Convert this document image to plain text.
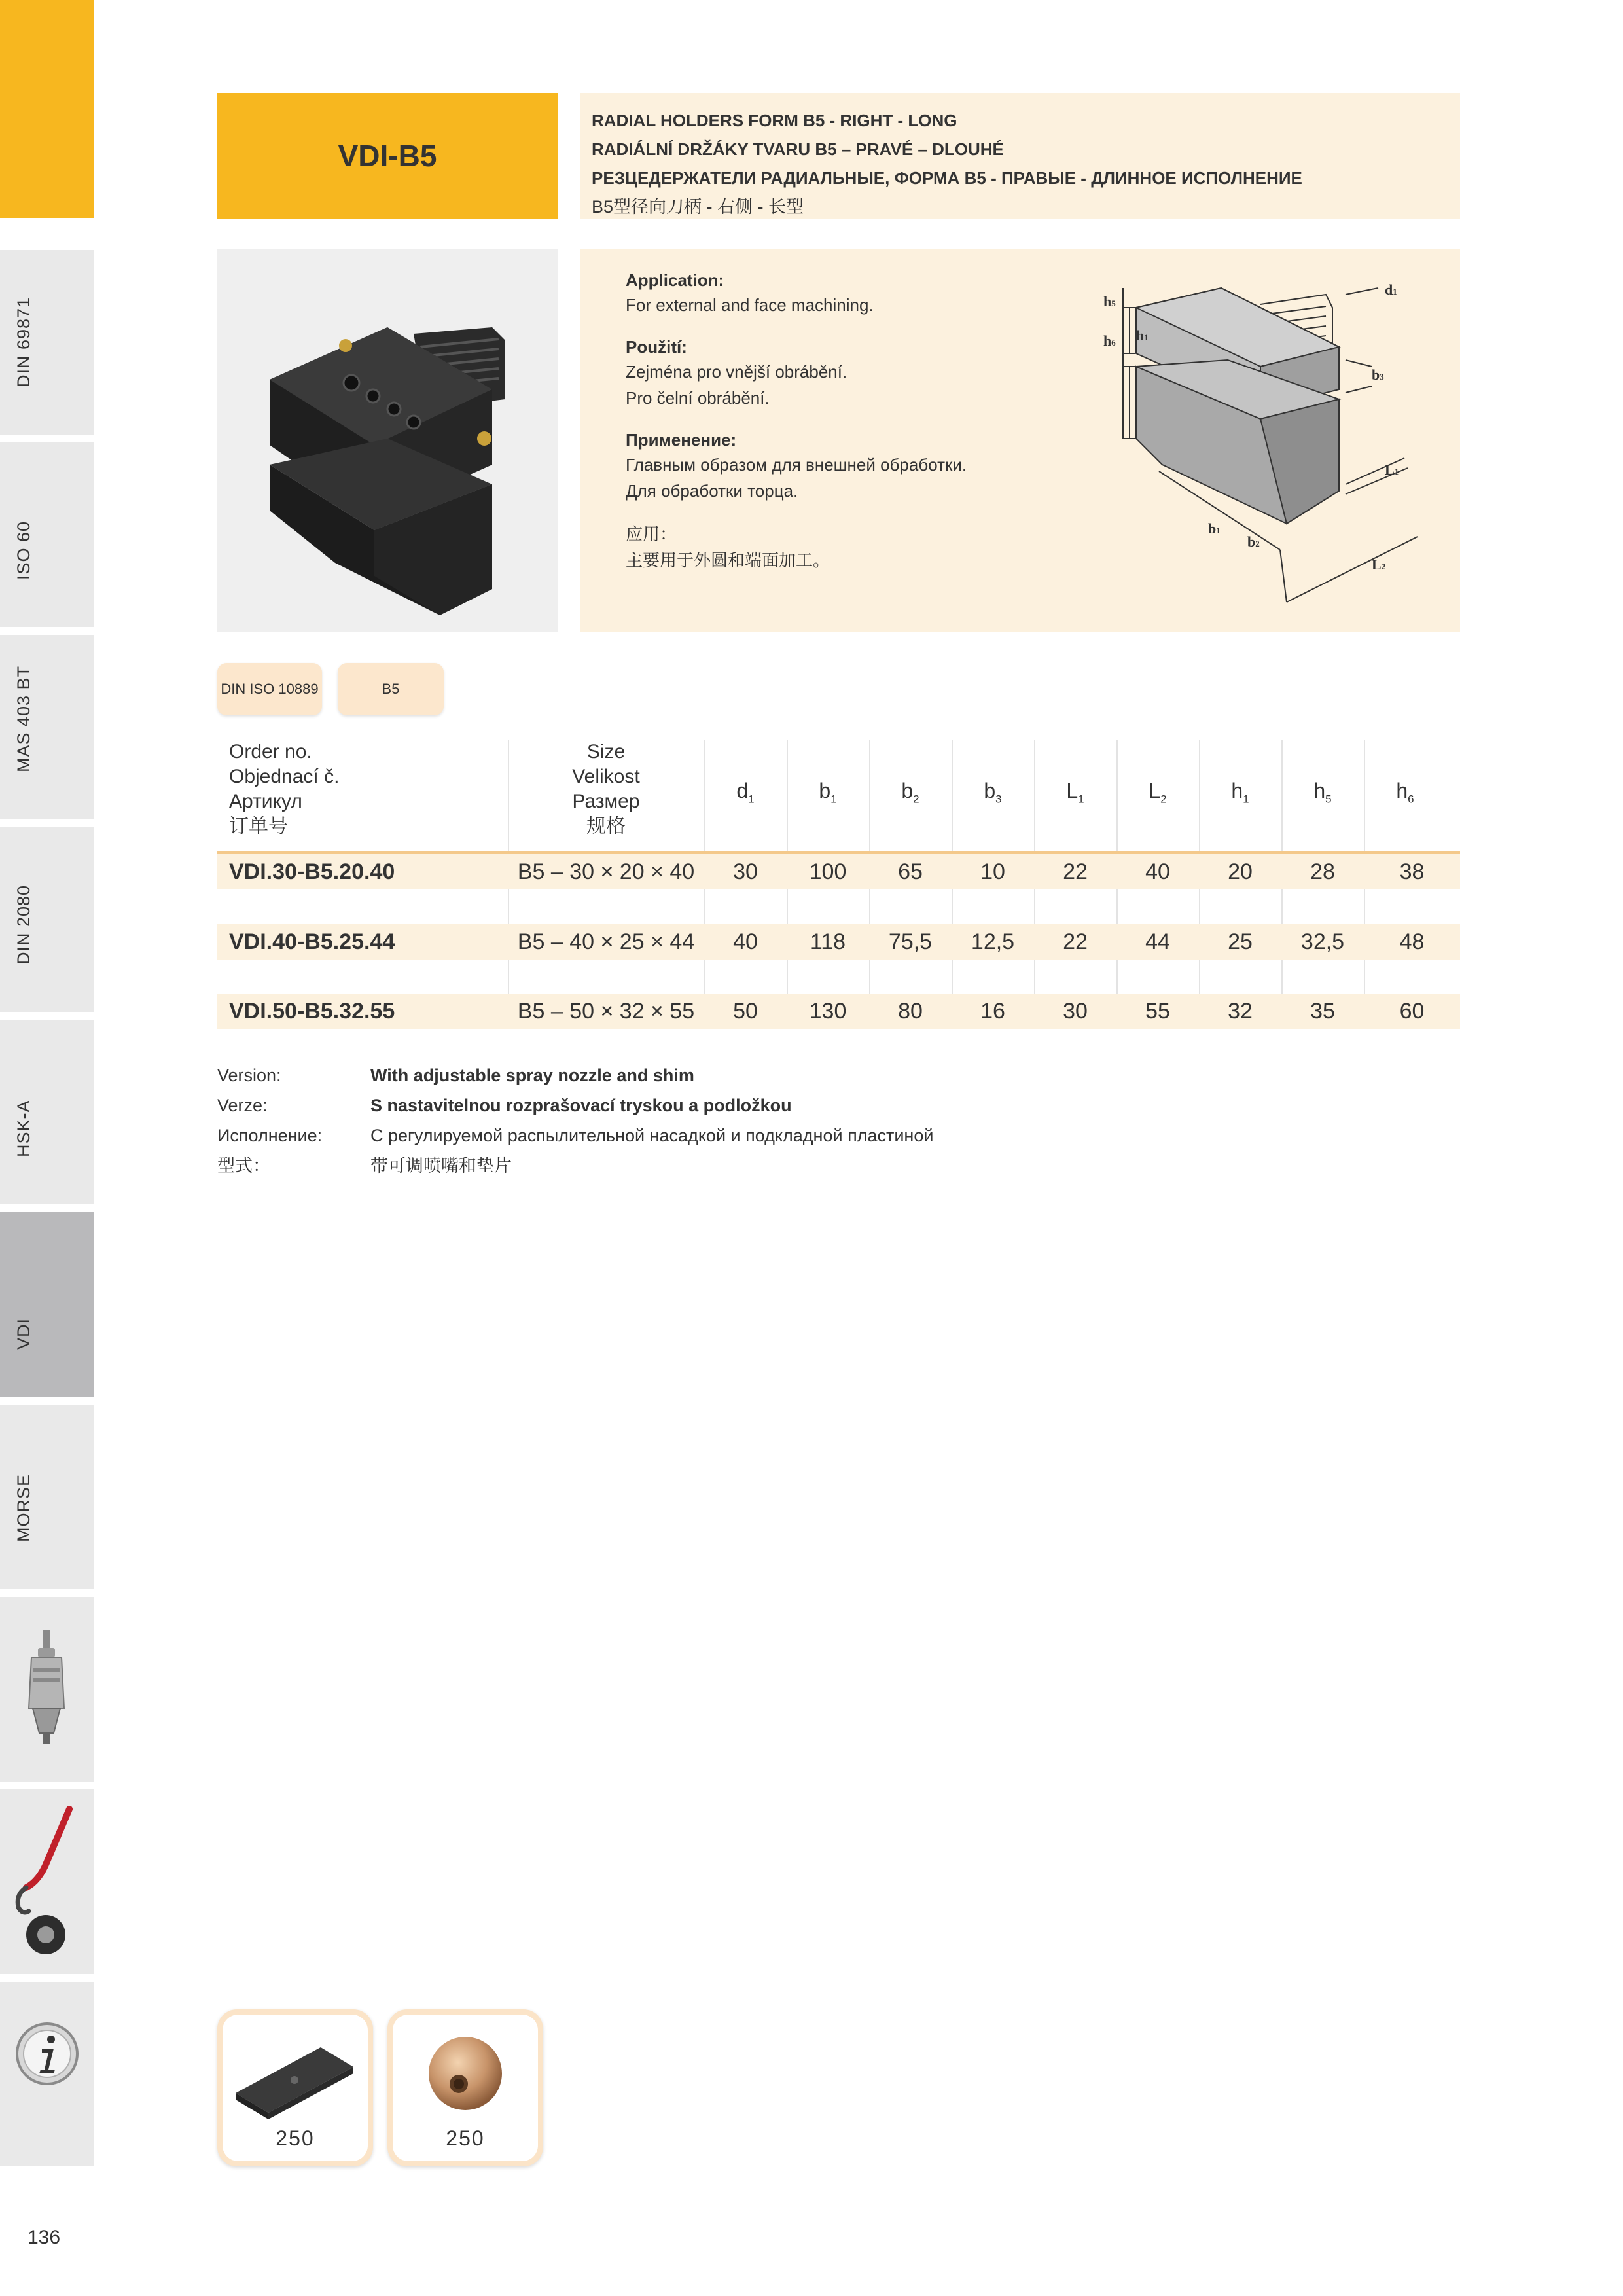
DIN 69871
ISO 60
MAS 403 BT
DIN 2080
HSK-A
VDI
MORSE
136
VDI-B5
RADIAL HOLDERS FORM B5 - RIGHT - LONG
RADIÁLNÍ DRŽÁKY TVARU B5 – PRAVÉ – DLOUHÉ
РЕЗЦЕДЕРЖАТЕЛИ РАДИАЛЬНЫЕ, ФОРМА B5 - ПРАВЫЕ - ДЛИННОЕ ИСПОЛНЕНИЕ
B5型径向刀柄 - 右侧 - 长型
Application:
For external and face machining.
Použití:
Zejména pro vnější obrábění.
Pro čelní obrábění.
Применение:
Главным образом для внешней обработки.
Для обработки торца.
应用：
主要用于外圆和端面加工。
h5
h6 h1
d1
b3
L1
L2
b1
b2
DIN ISO 10889	B5
Order no.
Objednací č.
Артикул
订单号
Size
Velikost
Размер
规格
$d_1$	$b_1$	$b_2$	$b_3$	$L_1$	$L_2$	$h_1$	$h_5$	$h_6$
VDI.30-B5.20.40	B5 – 30 × 20 × 40	30	100	65	10	22	40	20	28	38
VDI.40-B5.25.44	B5 – 40 × 25 × 44	40	118	75,5	12,5	22	44	25	32,5	48
VDI.50-B5.32.55	B5 – 50 × 32 × 55	50	130	80	16	30	55	32	35	60
Version:	With adjustable spray nozzle and shim
Verze:	S nastavitelnou rozprašovací tryskou a podložkou
Исполнение:	С регулируемой распылительной насадкой и подкладной пластиной
型式：	带可调喷嘴和垫片
250	250
